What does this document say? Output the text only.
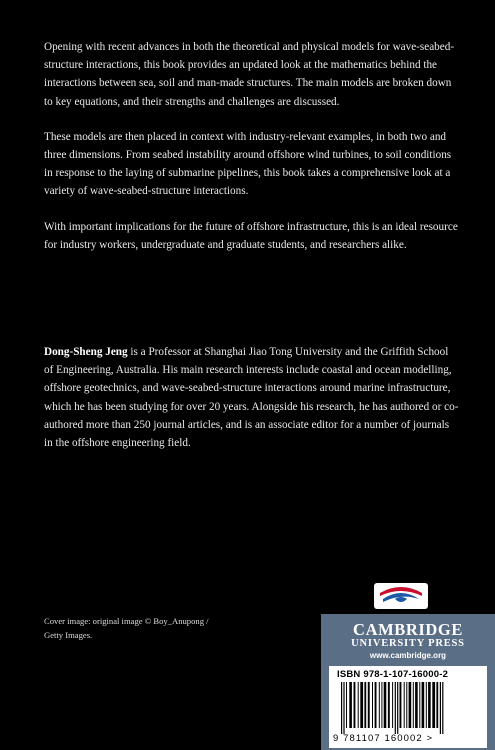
Opening with recent advances in both the theoretical and physical models for wave-seabed-structure interactions, this book provides an updated look at the mathematics behind the interactions between sea, soil and man-made structures. The main models are broken down to key equations, and their strengths and challenges are discussed.

These models are then placed in context with industry-relevant examples, in both two and three dimensions. From seabed instability around offshore wind turbines, to soil conditions in response to the laying of submarine pipelines, this book takes a comprehensive look at a variety of wave-seabed-structure interactions.

With important implications for the future of offshore infrastructure, this is an ideal resource for industry workers, undergraduate and graduate students, and researchers alike.

Dong-Sheng Jeng is a Professor at Shanghai Jiao Tong University and the Griffith School of Engineering, Australia. His main research interests include coastal and ocean modelling, offshore geotechnics, and wave-seabed-structure interactions around marine infrastructure, which he has been studying for over 20 years. Alongside his research, he has authored or co-authored more than 250 journal articles, and is an associate editor for a number of journals in the offshore engineering field.

Cover image: original image © Boy_Anupong /
Getty Images.	CAMBRIDGE
UNIVERSITY PRESS
www.cambridge.org
ISBN 978-1-107-16000-2
9 781107 160002 >
